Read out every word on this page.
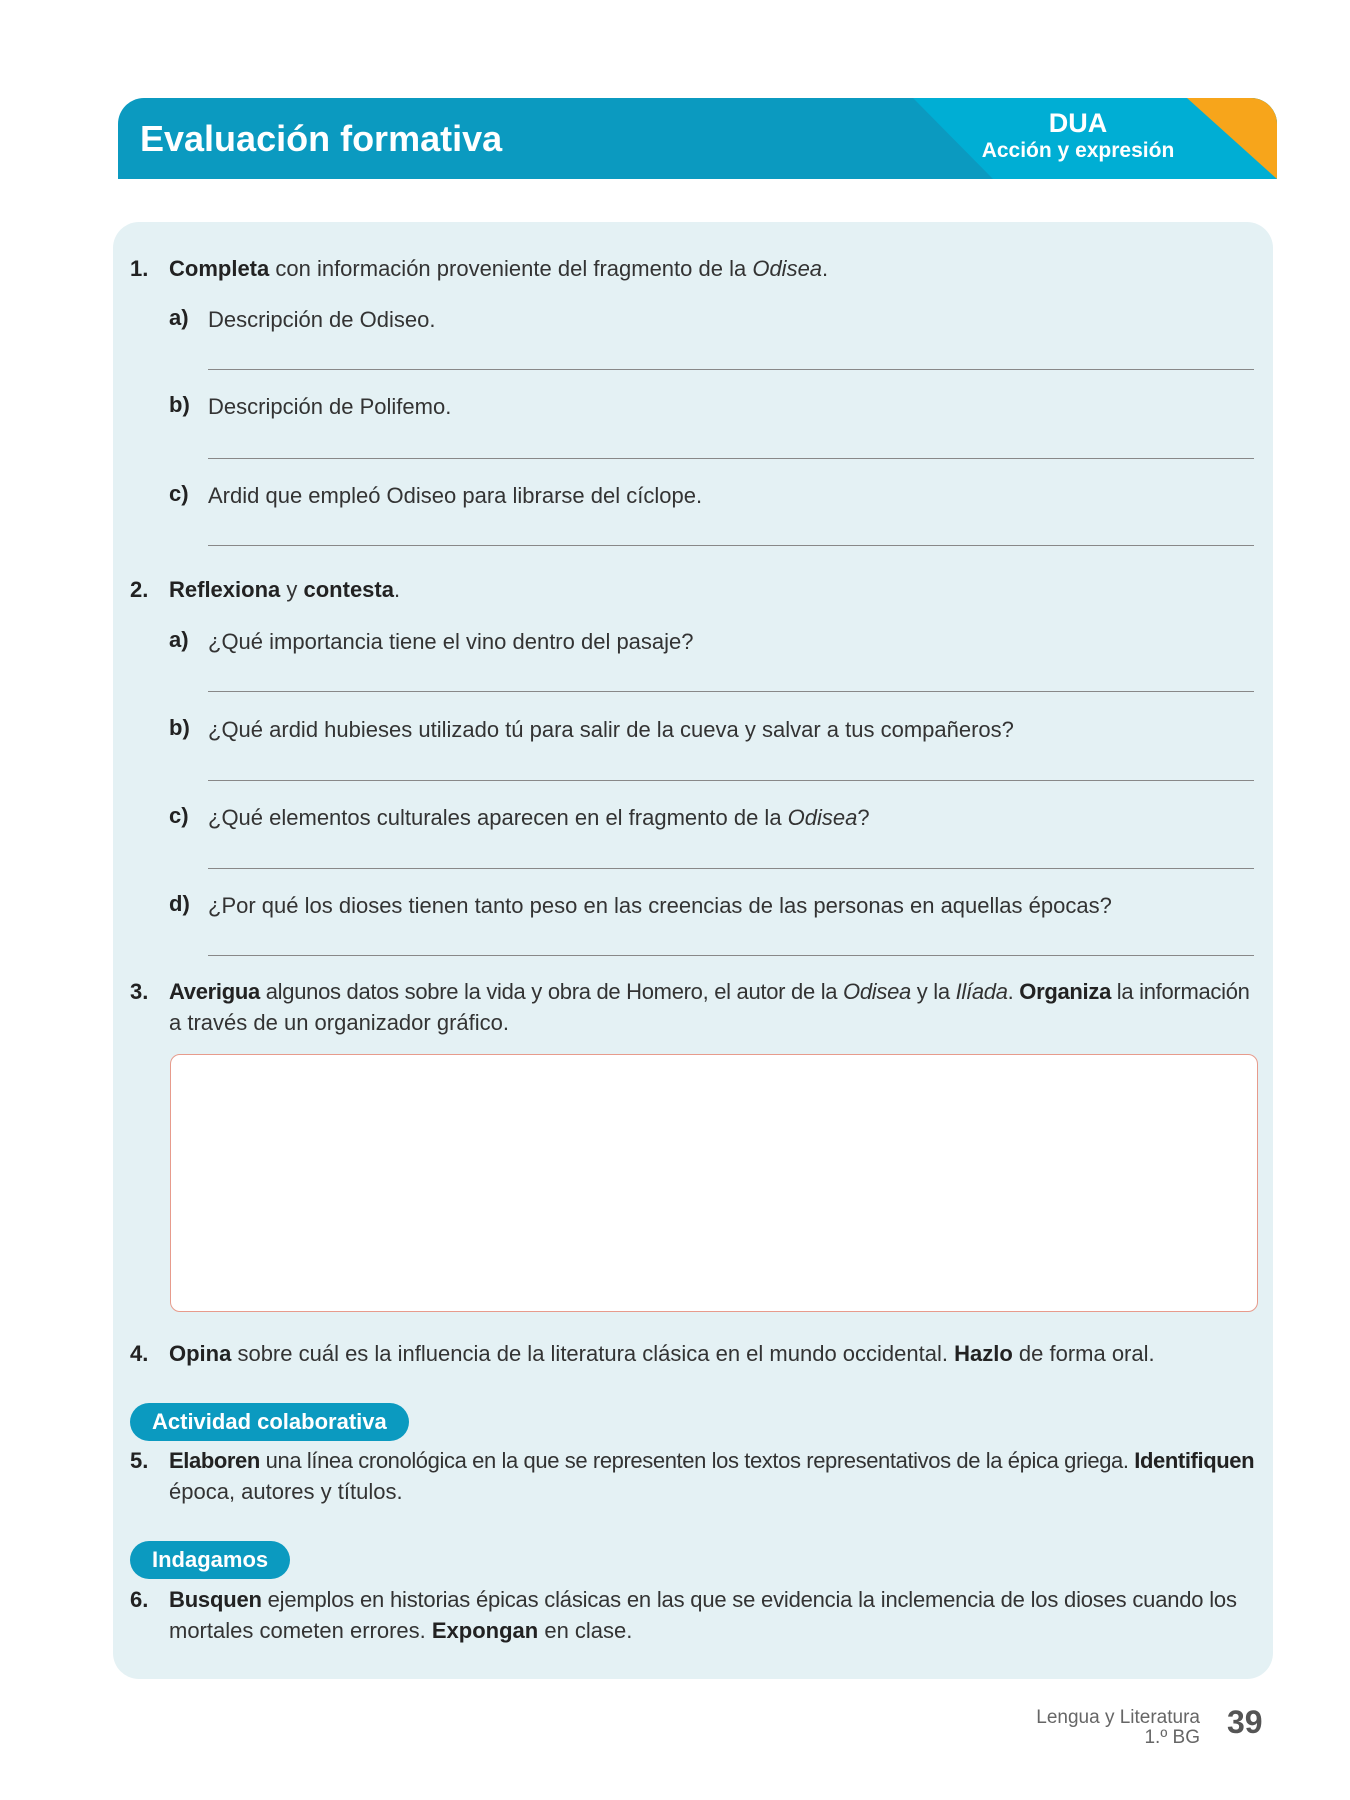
Evaluación formativa	DUA
Acción y expresión
1. Completa con información proveniente del fragmento de la Odisea.
a) Descripción de Odiseo.
b) Descripción de Polifemo.
c) Ardid que empleó Odiseo para librarse del cíclope.
2. Reflexiona y contesta.
a) ¿Qué importancia tiene el vino dentro del pasaje?
b) ¿Qué ardid hubieses utilizado tú para salir de la cueva y salvar a tus compañeros?
c) ¿Qué elementos culturales aparecen en el fragmento de la Odisea?
d) ¿Por qué los dioses tienen tanto peso en las creencias de las personas en aquellas épocas?
3. Averigua algunos datos sobre la vida y obra de Homero, el autor de la Odisea y la Ilíada. Organiza la información
a través de un organizador gráfico.
4. Opina sobre cuál es la influencia de la literatura clásica en el mundo occidental. Hazlo de forma oral.
Actividad colaborativa
5. Elaboren una línea cronológica en la que se representen los textos representativos de la épica griega. Identifiquen
época, autores y títulos.
Indagamos
6. Busquen ejemplos en historias épicas clásicas en las que se evidencia la inclemencia de los dioses cuando los
mortales cometen errores. Expongan en clase.
Lengua y Literatura
1.º BG 39
